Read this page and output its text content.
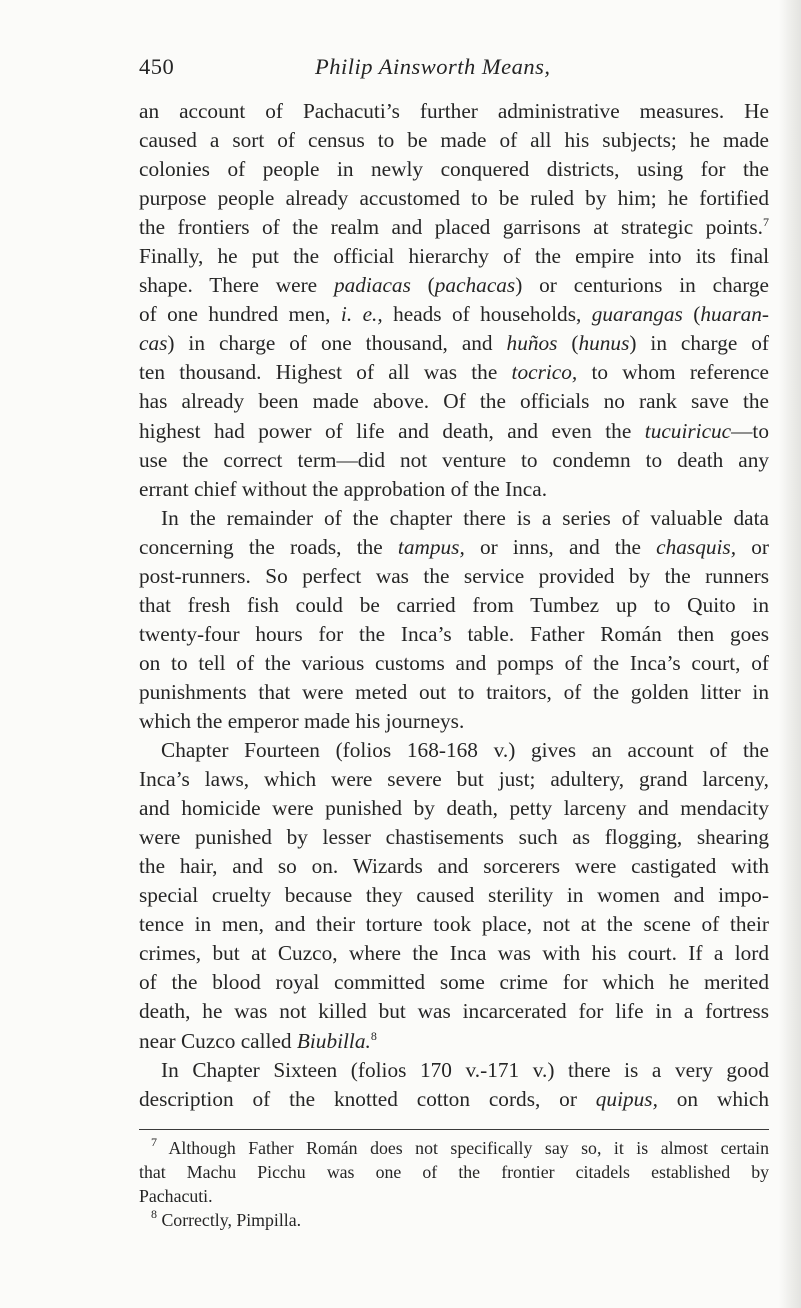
450	Philip Ainsworth Means,
an account of Pachacuti’s further administrative measures. He
caused a sort of census to be made of all his subjects; he made
colonies of people in newly conquered districts, using for the
purpose people already accustomed to be ruled by him; he fortified
the frontiers of the realm and placed garrisons at strategic points.$^7$
Finally, he put the official hierarchy of the empire into its final
shape. There were padiacas (pachacas) or centurions in charge
of one hundred men, i. e., heads of households, guarangas (huaran-
cas) in charge of one thousand, and huños (hunus) in charge of
ten thousand. Highest of all was the tocrico, to whom reference
has already been made above. Of the officials no rank save the
highest had power of life and death, and even the tucuiricuc—to
use the correct term—did not venture to condemn to death any
errant chief without the approbation of the Inca.
In the remainder of the chapter there is a series of valuable data
concerning the roads, the tampus, or inns, and the chasquis, or
post-runners. So perfect was the service provided by the runners
that fresh fish could be carried from Tumbez up to Quito in
twenty-four hours for the Inca’s table. Father Román then goes
on to tell of the various customs and pomps of the Inca’s court, of
punishments that were meted out to traitors, of the golden litter in
which the emperor made his journeys.
Chapter Fourteen (folios 168-168 v.) gives an account of the
Inca’s laws, which were severe but just; adultery, grand larceny,
and homicide were punished by death, petty larceny and mendacity
were punished by lesser chastisements such as flogging, shearing
the hair, and so on. Wizards and sorcerers were castigated with
special cruelty because they caused sterility in women and impo-
tence in men, and their torture took place, not at the scene of their
crimes, but at Cuzco, where the Inca was with his court. If a lord
of the blood royal committed some crime for which he merited
death, he was not killed but was incarcerated for life in a fortress
near Cuzco called Biubilla.$^8$
In Chapter Sixteen (folios 170 v.-171 v.) there is a very good
description of the knotted cotton cords, or quipus, on which
$^7$ Although Father Román does not specifically say so, it is almost certain
that Machu Picchu was one of the frontier citadels established by
Pachacuti.
$^8$ Correctly, Pimpilla.
